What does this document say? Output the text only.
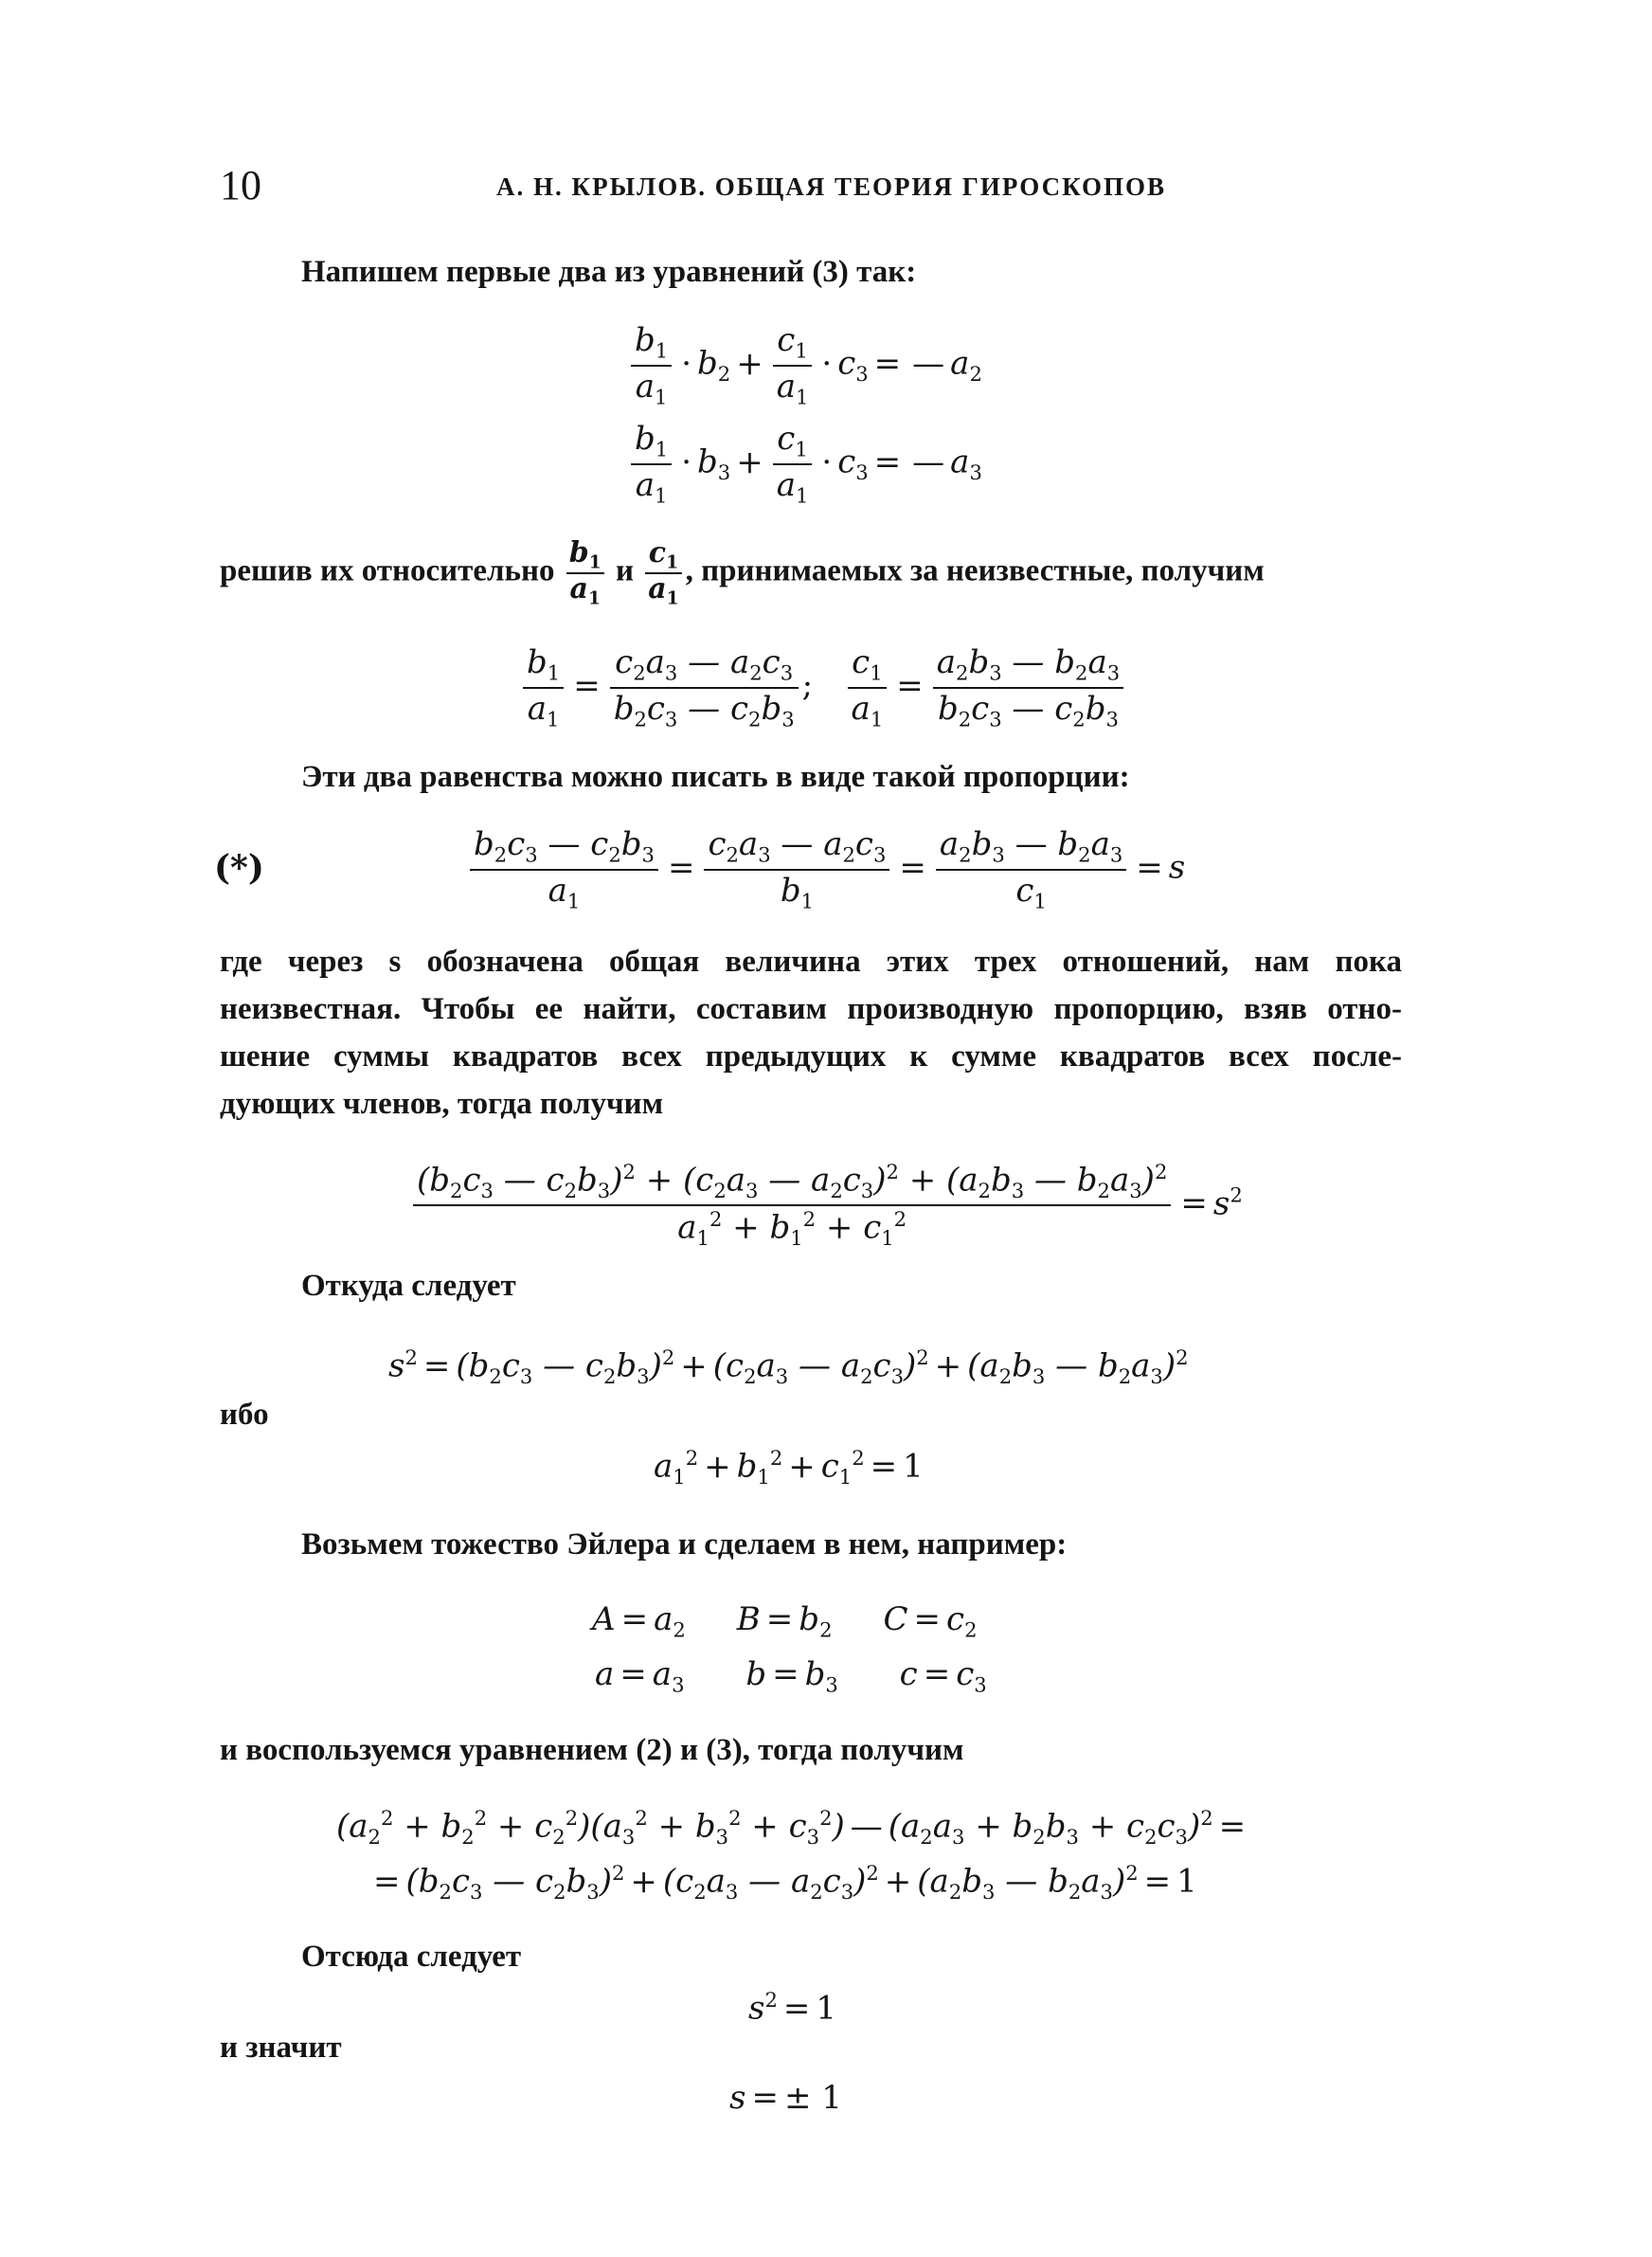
10	А. Н. КРЫЛОВ. ОБЩАЯ ТЕОРИЯ ГИРОСКОПОВ
Напишем первые два из уравнений (3) так:
$\frac{b_1}{a_1} \cdot b_2 + \frac{c_1}{a_1} \cdot c_3$ = — $a_2$
$\frac{b_1}{a_1} \cdot b_3 + \frac{c_1}{a_1} \cdot c_3$ = — $a_3$
решив их относительно $\frac{b_1}{a_1}$ и $\frac{c_1}{a_1}$ , принимаемых за неизвестные, получим
$\frac{b_1}{a_1} = \frac{c_2a_3 — a_2c_3}{b_2c_3 — c_2b_3}$ ; $\frac{c_1}{a_1} = \frac{a_2b_3 — b_2a_3}{b_2c_3 — c_2b_3}$
Эти два равенства можно писать в виде такой пропорции:
(*)	$\frac{b_2c_3 — c_2b_3}{a_1} = \frac{c_2a_3 — a_2c_3}{b_1} = \frac{a_2b_3 — b_2a_3}{c_1} = s$
где через s обозначена общая величина этих трех отношений, нам пока
неизвестная. Чтобы ее найти, составим производную пропорцию, взяв отно-
шение суммы квадратов всех предыдущих к сумме квадратов всех после-
дующих членов, тогда получим
$\frac{(b_2c_3 — c_2b_3)^2 + (c_2a_3 — a_2c_3)^2 + (a_2b_3 — b_2a_3)^2}{a_1^2 + b_1^2 + c_1^2} = s^2$
Откуда следует
$s^2 = (b_2c_3$ — $c_2b_3)^2 + (c_2a_3$ — $a_2c_3)^2 + (a_2b_3$ — $b_2a_3)^2$
ибо
$a_1^2 + b_1^2 + c_1^2 = 1$
Возьмем тожество Эйлера и сделаем в нем, например:
$A = a_2$     $B = b_2$     $C = c_2$
$a = a_3$      $b = b_3$      $c = c_3$
и воспользуемся уравнением (2) и (3), тогда получим
$(a_2^2 + b_2^2 + c_2^2)(a_3^2 + b_3^2 + c_3^2)$ — $(a_2a_3 + b_2b_3 + c_2c_3)^2$ =
= ($b_2c_3$ — $c_2b_3)^2 + (c_2a_3$ — $a_2c_3)^2 + (a_2b_3$ — $b_2a_3)^2 = 1$
Отсюда следует
$s^2 = 1$
и значит
s = ± 1
